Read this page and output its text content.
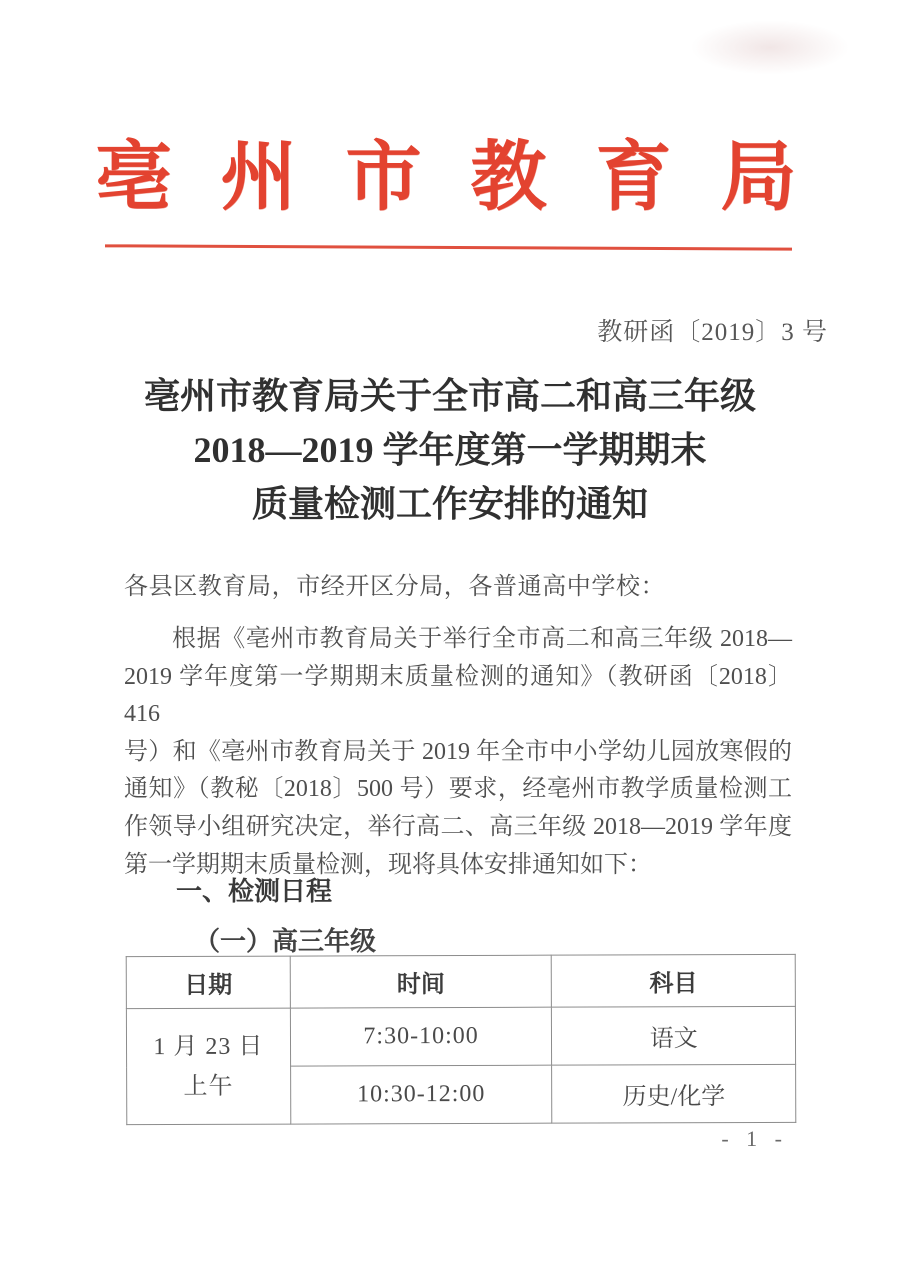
亳 州 市 教 育 局
教研函〔2019〕3 号
亳州市教育局关于全市高二和高三年级
2018—2019 学年度第一学期期末
质量检测工作安排的通知
各县区教育局，市经开区分局，各普通高中学校：
根据《亳州市教育局关于举行全市高二和高三年级 2018—
2019 学年度第一学期期末质量检测的通知》（教研函〔2018〕416
号）和《亳州市教育局关于 2019 年全市中小学幼儿园放寒假的
通知》（教秘〔2018〕500 号）要求，经亳州市教学质量检测工
作领导小组研究决定，举行高二、高三年级 2018—2019 学年度
第一学期期末质量检测，现将具体安排通知如下：
一、检测日程
（一）高三年级
日期	时间	科目

1 月 23 日
上午	7:30-10:00	语文
	10:30-12:00	历史/化学
- 1 -
